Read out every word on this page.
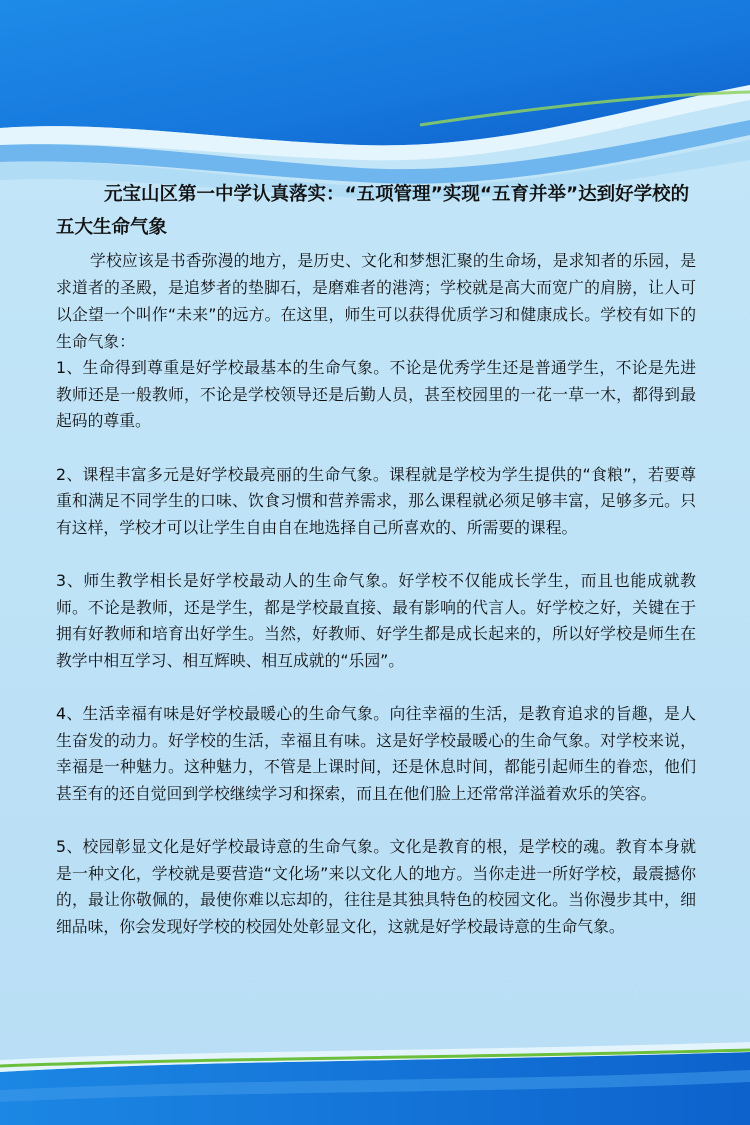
元宝山区第一中学认真落实：“五项管理”实现“五育并举”达到好学校的五大生命气象

学校应该是书香弥漫的地方，是历史、文化和梦想汇聚的生命场，是求知者的乐园，是求道者的圣殿，是追梦者的垫脚石，是磨难者的港湾；学校就是高大而宽广的肩膀，让人可以企望一个叫作“未来”的远方。在这里，师生可以获得优质学习和健康成长。学校有如下的生命气象：

1、生命得到尊重是好学校最基本的生命气象。不论是优秀学生还是普通学生，不论是先进教师还是一般教师，不论是学校领导还是后勤人员，甚至校园里的一花一草一木，都得到最起码的尊重。

2、课程丰富多元是好学校最亮丽的生命气象。课程就是学校为学生提供的“食粮”，若要尊重和满足不同学生的口味、饮食习惯和营养需求，那么课程就必须足够丰富，足够多元。只有这样，学校才可以让学生自由自在地选择自己所喜欢的、所需要的课程。

3、师生教学相长是好学校最动人的生命气象。好学校不仅能成长学生，而且也能成就教师。不论是教师，还是学生，都是学校最直接、最有影响的代言人。好学校之好，关键在于拥有好教师和培育出好学生。当然，好教师、好学生都是成长起来的，所以好学校是师生在教学中相互学习、相互辉映、相互成就的“乐园”。

4、生活幸福有味是好学校最暖心的生命气象。向往幸福的生活，是教育追求的旨趣，是人生奋发的动力。好学校的生活，幸福且有味。这是好学校最暖心的生命气象。对学校来说，幸福是一种魅力。这种魅力，不管是上课时间，还是休息时间，都能引起师生的眷恋，他们甚至有的还自觉回到学校继续学习和探索，而且在他们脸上还常常洋溢着欢乐的笑容。

5、校园彰显文化是好学校最诗意的生命气象。文化是教育的根，是学校的魂。教育本身就是一种文化，学校就是要营造“文化场”来以文化人的地方。当你走进一所好学校，最震撼你的，最让你敬佩的，最使你难以忘却的，往往是其独具特色的校园文化。当你漫步其中，细细品味，你会发现好学校的校园处处彰显文化，这就是好学校最诗意的生命气象。
